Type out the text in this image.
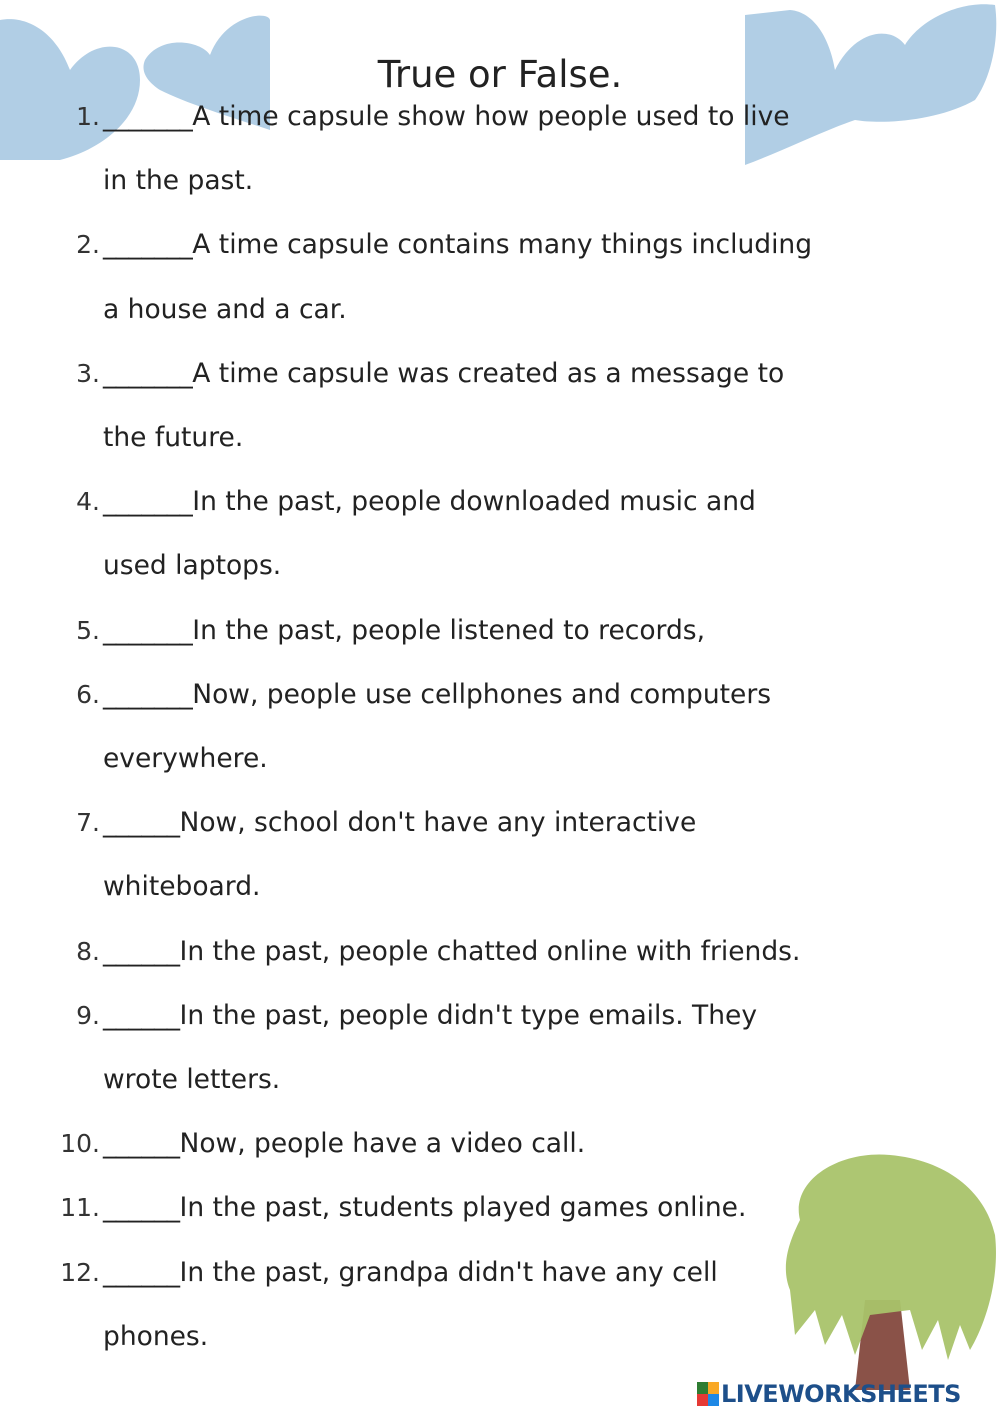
True or False.
1. _______A time capsule show how people used to live
in the past.
2. _______A time capsule contains many things including
a house and a car.
3. _______A time capsule was created as a message to
the future.
4. _______In the past, people downloaded music and
used laptops.
5. _______In the past, people listened to records,
6. _______Now, people use cellphones and computers
everywhere.
7. ______Now, school don't have any interactive
whiteboard.
8. ______In the past, people chatted online with friends.
9. ______In the past, people didn't type emails. They
wrote letters.
10. ______Now, people have a video call.
11. ______In the past, students played games online.
12. ______In the past, grandpa didn't have any cell
phones.
LIVEWORKSHEETS
